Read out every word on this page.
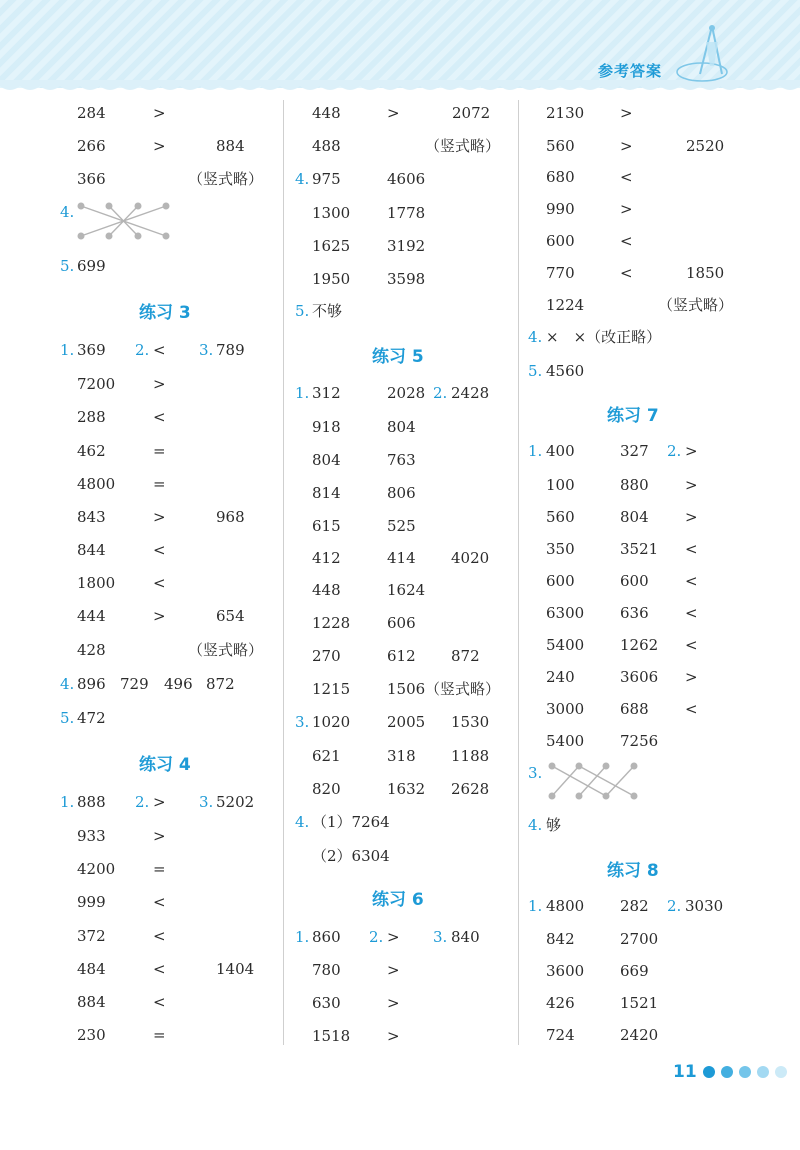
参考答案
284	>
266	>	884
366	（竖式略）
4.
5. 699
练习 3
1. 369 2. < 3. 789
7200	>
288	<
462	=
4800	=
843	>	968
844	<
1800	<
444	>	654
428	（竖式略）
4. 896 729 496 872
5. 472
练习 4
1. 888 2. > 3. 5202
933	>
4200	=
999	<
372	<
484	<	1404
884	<
230	=
448	>	2072
488	（竖式略）
4. 975	4606
1300 1778
1625 3192
1950 3598
5. 不够
练习 5
1. 312	2028 2. 2428
918	804
804	763
814	806
615	525
412	414 4020
448	1624
1228 606
270	612 872
1215 1506 （竖式略）
3. 1020 2005 1530
621	318 1188
820	1632 2628
4. （1）7264
（2）6304
练习 6
1. 860 2. > 3. 840
780	>
630	>
1518 >
2130 >
560	>	2520
680	<
990	>
600	<
770	<	1850
1224	（竖式略）
4. ×　×（改正略）
5. 4560
练习 7
1. 400	327 2. >
100	880 >
560	804 >
350	3521 <
600	600 <
6300 636 <
5400 1262 <
240	3606 >
3000 688 <
5400 7256
3.
4. 够
练习 8
1. 4800 282 2. 3030
842	2700
3600 669
426	1521
724	2420
11
